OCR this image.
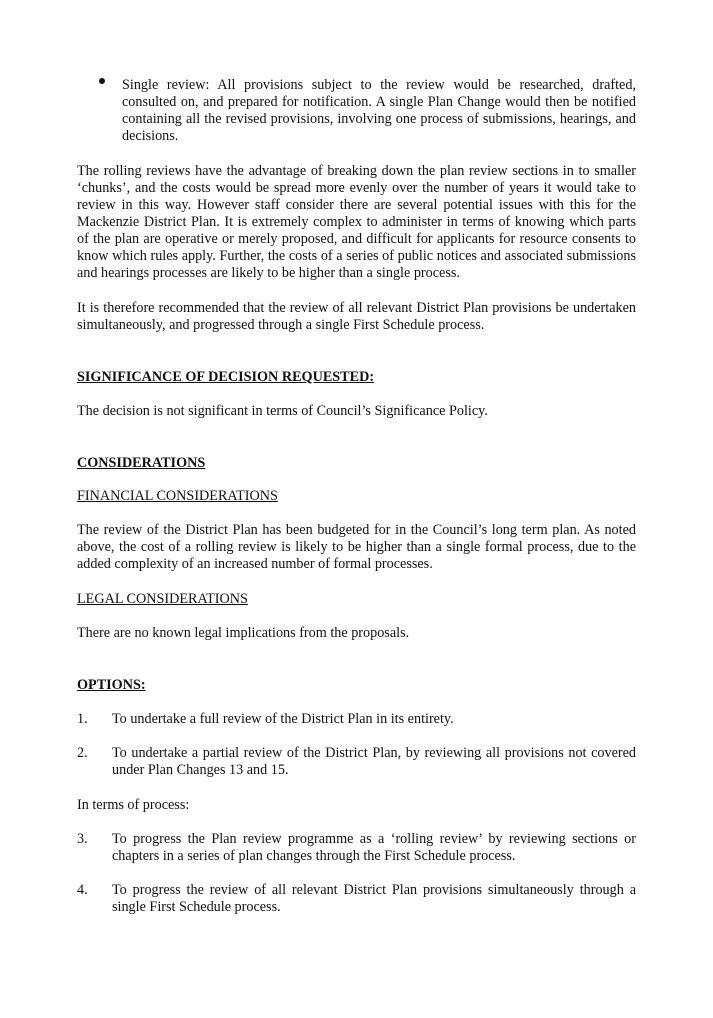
Single review: All provisions subject to the review would be researched, drafted, consulted on, and prepared for notification. A single Plan Change would then be notified containing all the revised provisions, involving one process of submissions, hearings, and decisions.

The rolling reviews have the advantage of breaking down the plan review sections in to smaller ‘chunks’, and the costs would be spread more evenly over the number of years it would take to review in this way. However staff consider there are several potential issues with this for the Mackenzie District Plan. It is extremely complex to administer in terms of knowing which parts of the plan are operative or merely proposed, and difficult for applicants for resource consents to know which rules apply. Further, the costs of a series of public notices and associated submissions and hearings processes are likely to be higher than a single process.

It is therefore recommended that the review of all relevant District Plan provisions be undertaken simultaneously, and progressed through a single First Schedule process.

SIGNIFICANCE OF DECISION REQUESTED:

The decision is not significant in terms of Council’s Significance Policy.

CONSIDERATIONS

FINANCIAL CONSIDERATIONS

The review of the District Plan has been budgeted for in the Council’s long term plan. As noted above, the cost of a rolling review is likely to be higher than a single formal process, due to the added complexity of an increased number of formal processes.

LEGAL CONSIDERATIONS

There are no known legal implications from the proposals.

OPTIONS:

1. To undertake a full review of the District Plan in its entirety.

2. To undertake a partial review of the District Plan, by reviewing all provisions not covered under Plan Changes 13 and 15.

In terms of process:

3. To progress the Plan review programme as a ‘rolling review’ by reviewing sections or chapters in a series of plan changes through the First Schedule process.

4. To progress the review of all relevant District Plan provisions simultaneously through a single First Schedule process.
